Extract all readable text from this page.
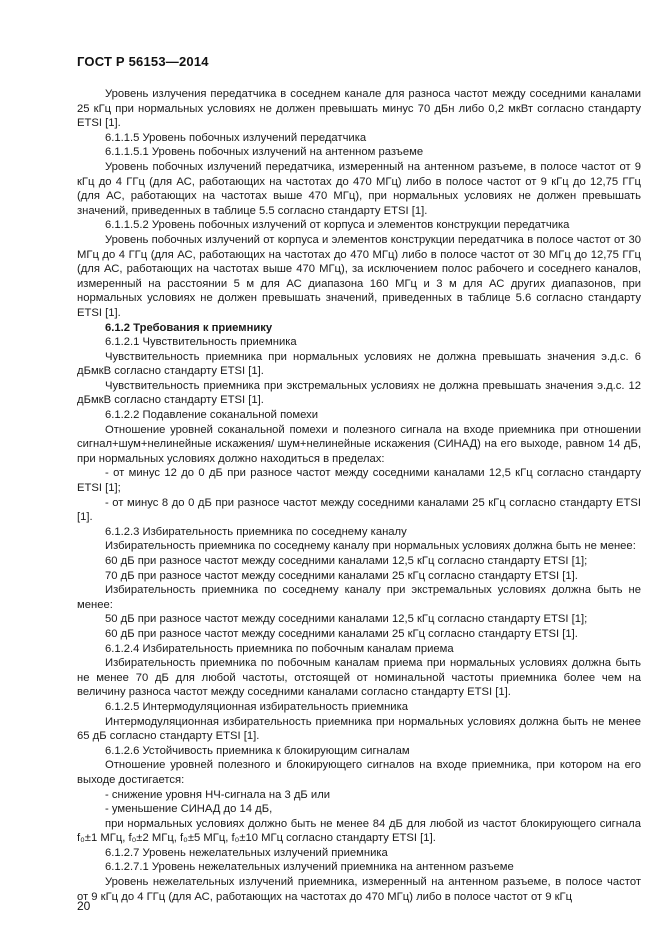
ГОСТ Р 56153—2014

Уровень излучения передатчика в соседнем канале для разноса частот между соседними каналами 25 кГц при нормальных условиях не должен превышать минус 70 дБн либо 0,2 мкВт согласно стандарту ETSI [1].

6.1.1.5 Уровень побочных излучений передатчика

6.1.1.5.1 Уровень побочных излучений на антенном разъеме

Уровень побочных излучений передатчика, измеренный на антенном разъеме, в полосе частот от 9 кГц до 4 ГГц (для АС, работающих на частотах до 470 МГц) либо в полосе частот от 9 кГц до 12,75 ГГц (для АС, работающих на частотах выше 470 МГц), при нормальных условиях не должен превышать значений, приведенных в таблице 5.5 согласно стандарту ETSI [1].

6.1.1.5.2 Уровень побочных излучений от корпуса и элементов конструкции передатчика

Уровень побочных излучений от корпуса и элементов конструкции передатчика в полосе частот от 30 МГц до 4 ГГц (для АС, работающих на частотах до 470 МГц) либо в полосе частот от 30 МГц до 12,75 ГГц (для АС, работающих на частотах выше 470 МГц), за исключением полос рабочего и соседнего каналов, измеренный на расстоянии 5 м для АС диапазона 160 МГц и 3 м для АС других диапазонов, при нормальных условиях не должен превышать значений, приведенных в таблице 5.6 согласно стандарту ETSI [1].

6.1.2 Требования к приемнику

6.1.2.1 Чувствительность приемника

Чувствительность приемника при нормальных условиях не должна превышать значения э.д.с. 6 дБмкВ согласно стандарту ETSI [1].

Чувствительность приемника при экстремальных условиях не должна превышать значения э.д.с. 12 дБмкВ согласно стандарту ETSI [1].

6.1.2.2 Подавление соканальной помехи

Отношение уровней соканальной помехи и полезного сигнала на входе приемника при отношении сигнал+шум+нелинейные искажения/ шум+нелинейные искажения (СИНАД) на его выходе, равном 14 дБ, при нормальных условиях должно находиться в пределах:

- от минус 12 до 0 дБ при разносе частот между соседними каналами 12,5 кГц согласно стандарту ETSI [1];

- от минус 8 до 0 дБ при разносе частот между соседними каналами 25 кГц согласно стандарту ETSI [1].

6.1.2.3 Избирательность приемника по соседнему каналу

Избирательность приемника по соседнему каналу при нормальных условиях должна быть не менее:

60 дБ при разносе частот между соседними каналами 12,5 кГц согласно стандарту ETSI [1];

70 дБ при разносе частот между соседними каналами 25 кГц согласно стандарту ETSI [1].

Избирательность приемника по соседнему каналу при экстремальных условиях должна быть не менее:

50 дБ при разносе частот между соседними каналами 12,5 кГц согласно стандарту ETSI [1];

60 дБ при разносе частот между соседними каналами 25 кГц согласно стандарту ETSI [1].

6.1.2.4 Избирательность приемника по побочным каналам приема

Избирательность приемника по побочным каналам приема при нормальных условиях должна быть не менее 70 дБ для любой частоты, отстоящей от номинальной частоты приемника более чем на величину разноса частот между соседними каналами согласно стандарту ETSI [1].

6.1.2.5 Интермодуляционная избирательность приемника

Интермодуляционная избирательность приемника при нормальных условиях должна быть не менее 65 дБ согласно стандарту ETSI [1].

6.1.2.6 Устойчивость приемника к блокирующим сигналам

Отношение уровней полезного и блокирующего сигналов на входе приемника, при котором на его выходе достигается:

- снижение уровня НЧ-сигнала на 3 дБ или

- уменьшение СИНАД до 14 дБ,

при нормальных условиях должно быть не менее 84 дБ для любой из частот блокирующего сигнала f₀±1 МГц, f₀±2 МГц, f₀±5 МГц, f₀±10 МГц согласно стандарту ETSI [1].

6.1.2.7 Уровень нежелательных излучений приемника

6.1.2.7.1 Уровень нежелательных излучений приемника на антенном разъеме

Уровень нежелательных излучений приемника, измеренный на антенном разъеме, в полосе частот от 9 кГц до 4 ГГц (для АС, работающих на частотах до 470 МГц) либо в полосе частот от 9 кГц

20
